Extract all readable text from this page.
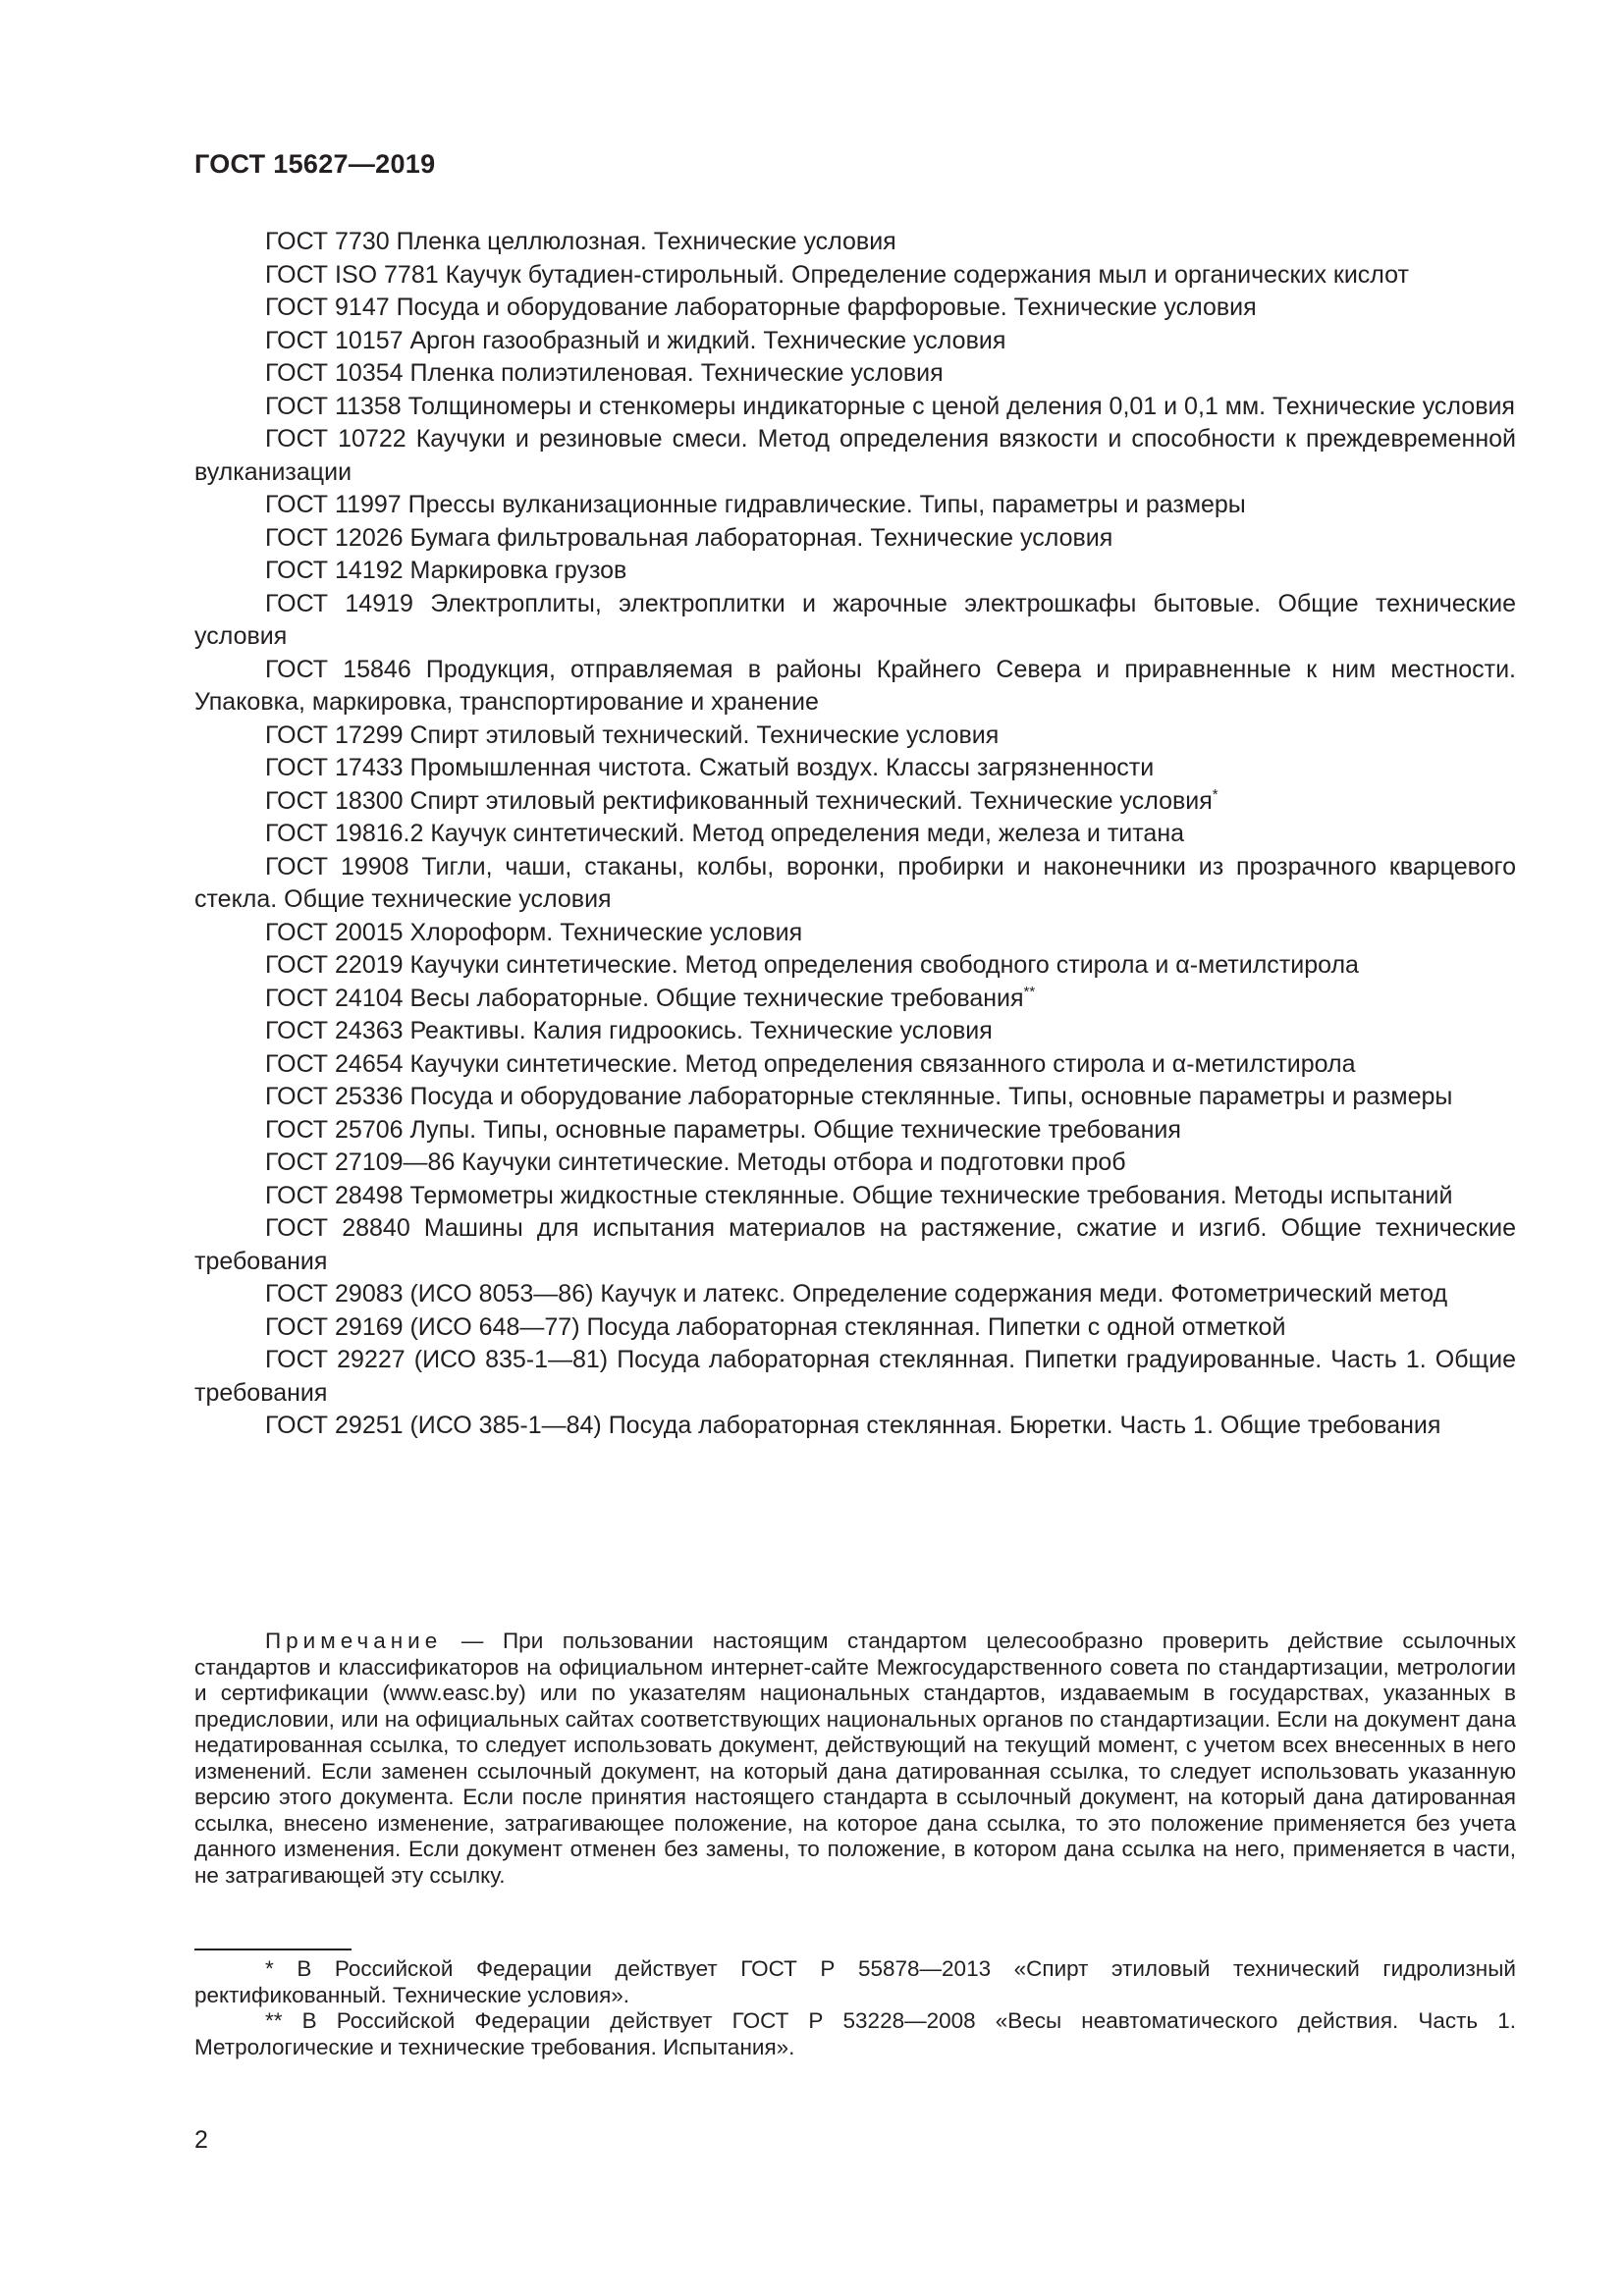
ГОСТ 15627—2019

ГОСТ 7730 Пленка целлюлозная. Технические условия

ГОСТ ISO 7781 Каучук бутадиен-стирольный. Определение содержания мыл и органических кислот

ГОСТ 9147 Посуда и оборудование лабораторные фарфоровые. Технические условия

ГОСТ 10157 Аргон газообразный и жидкий. Технические условия

ГОСТ 10354 Пленка полиэтиленовая. Технические условия

ГОСТ 11358 Толщиномеры и стенкомеры индикаторные с ценой деления 0,01 и 0,1 мм. Технические условия

ГОСТ 10722 Каучуки и резиновые смеси. Метод определения вязкости и способности к преждевременной вулканизации

ГОСТ 11997 Прессы вулканизационные гидравлические. Типы, параметры и размеры

ГОСТ 12026 Бумага фильтровальная лабораторная. Технические условия

ГОСТ 14192 Маркировка грузов

ГОСТ 14919 Электроплиты, электроплитки и жарочные электрошкафы бытовые. Общие технические условия

ГОСТ 15846 Продукция, отправляемая в районы Крайнего Севера и приравненные к ним местности. Упаковка, маркировка, транспортирование и хранение

ГОСТ 17299 Спирт этиловый технический. Технические условия

ГОСТ 17433 Промышленная чистота. Сжатый воздух. Классы загрязненности

ГОСТ 18300 Спирт этиловый ректификованный технический. Технические условия*

ГОСТ 19816.2 Каучук синтетический. Метод определения меди, железа и титана

ГОСТ 19908 Тигли, чаши, стаканы, колбы, воронки, пробирки и наконечники из прозрачного кварцевого стекла. Общие технические условия

ГОСТ 20015 Хлороформ. Технические условия

ГОСТ 22019 Каучуки синтетические. Метод определения свободного стирола и α-метилстирола

ГОСТ 24104 Весы лабораторные. Общие технические требования**

ГОСТ 24363 Реактивы. Калия гидроокись. Технические условия

ГОСТ 24654 Каучуки синтетические. Метод определения связанного стирола и α-метилстирола

ГОСТ 25336 Посуда и оборудование лабораторные стеклянные. Типы, основные параметры и размеры

ГОСТ 25706 Лупы. Типы, основные параметры. Общие технические требования

ГОСТ 27109—86 Каучуки синтетические. Методы отбора и подготовки проб

ГОСТ 28498 Термометры жидкостные стеклянные. Общие технические требования. Методы испытаний

ГОСТ 28840 Машины для испытания материалов на растяжение, сжатие и изгиб. Общие технические требования

ГОСТ 29083 (ИСО 8053—86) Каучук и латекс. Определение содержания меди. Фотометрический метод

ГОСТ 29169 (ИСО 648—77) Посуда лабораторная стеклянная. Пипетки с одной отметкой

ГОСТ 29227 (ИСО 835-1—81) Посуда лабораторная стеклянная. Пипетки градуированные. Часть 1. Общие требования

ГОСТ 29251 (ИСО 385-1—84) Посуда лабораторная стеклянная. Бюретки. Часть 1. Общие требования

Примечание — При пользовании настоящим стандартом целесообразно проверить действие ссылочных стандартов и классификаторов на официальном интернет-сайте Межгосударственного совета по стандартизации, метрологии и сертификации (www.easc.by) или по указателям национальных стандартов, издаваемым в государствах, указанных в предисловии, или на официальных сайтах соответствующих национальных органов по стандартизации. Если на документ дана недатированная ссылка, то следует использовать документ, действующий на текущий момент, с учетом всех внесенных в него изменений. Если заменен ссылочный документ, на который дана датированная ссылка, то следует использовать указанную версию этого документа. Если после принятия настоящего стандарта в ссылочный документ, на который дана датированная ссылка, внесено изменение, затрагивающее положение, на которое дана ссылка, то это положение применяется без учета данного изменения. Если документ отменен без замены, то положение, в котором дана ссылка на него, применяется в части, не затрагивающей эту ссылку.

* В Российской Федерации действует ГОСТ Р 55878—2013 «Спирт этиловый технический гидролизный ректификованный. Технические условия».

** В Российской Федерации действует ГОСТ Р 53228—2008 «Весы неавтоматического действия. Часть 1. Метрологические и технические требования. Испытания».

2
